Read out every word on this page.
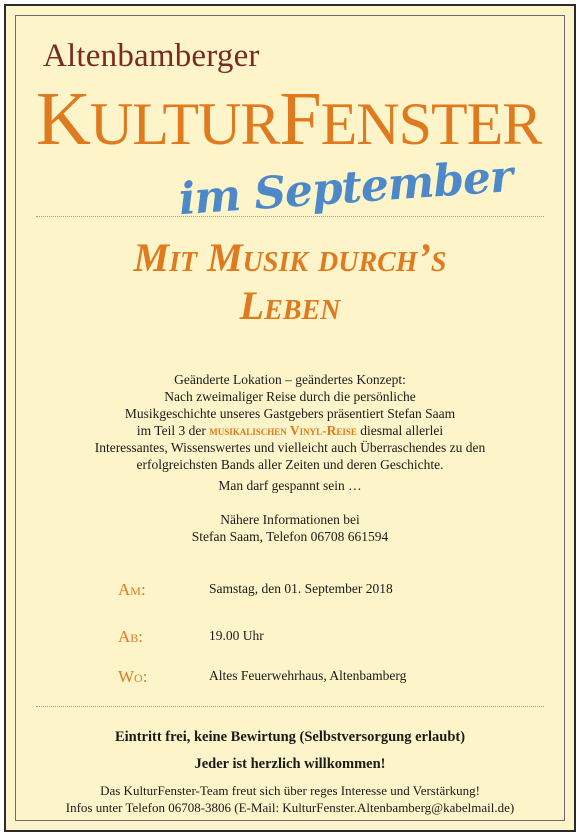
Altenbamberger
KULTURFENSTER
im September
Mit Musik durch’s
Leben
Geänderte Lokation – geändertes Konzept:
Nach zweimaliger Reise durch die persönliche
Musikgeschichte unseres Gastgebers präsentiert Stefan Saam
im Teil 3 der musikalischen Vinyl-Reise diesmal allerlei
Interessantes, Wissenswertes und vielleicht auch Überraschendes zu den
erfolgreichsten Bands aller Zeiten und deren Geschichte.
Man darf gespannt sein …
Nähere Informationen bei
Stefan Saam, Telefon 06708 661594
Am:	Samstag, den 01. September 2018
Ab:	19.00 Uhr
Wo:	Altes Feuerwehrhaus, Altenbamberg
Eintritt frei, keine Bewirtung (Selbstversorgung erlaubt)
Jeder ist herzlich willkommen!
Das KulturFenster-Team freut sich über reges Interesse und Verstärkung!
Infos unter Telefon 06708-3806 (E-Mail: KulturFenster.Altenbamberg@kabelmail.de)
